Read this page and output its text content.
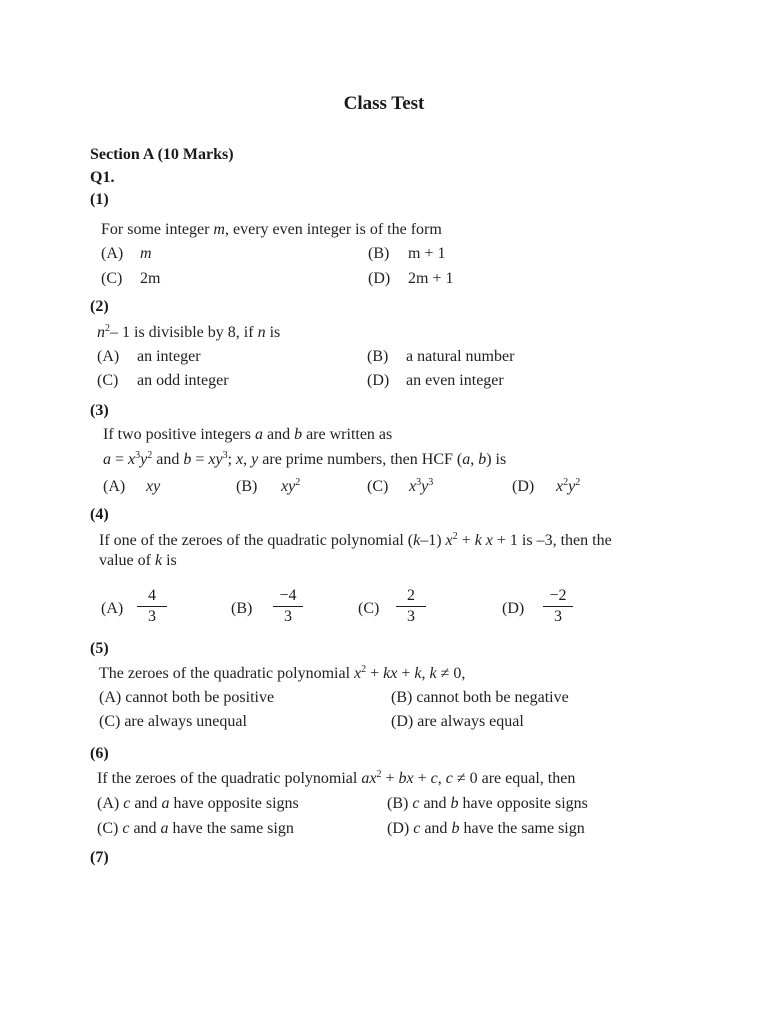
Class Test
Section A (10 Marks)
Q1.
(1)
For some integer m, every even integer is of the form
(A) m	(B) m + 1
(C) 2m	(D) 2m + 1
(2)
$n^2-$ 1 is divisible by 8, if n is
(A) an integer	(B) a natural number
(C) an odd integer	(D) an even integer
(3)
If two positive integers a and b are written as
$a = x^3y^2$ and $b = xy^3$; x, y are prime numbers, then HCF (a, b) is
(A) xy	(B) $xy^2$	(C) $x^3y^3$	(D) $x^2y^2$
(4)
If one of the zeroes of the quadratic polynomial (k–1) $x^2 + k$ x + 1 is –3, then the
value of k is
$(A) \frac{4}{3}$	$(B) \frac{-4}{3}$	$(C) \frac{2}{3}$	$(D) \frac{-2}{3}$
(5)
The zeroes of the quadratic polynomial $x^2$ + kx + k, k ≠ 0,
(A) cannot both be positive	(B) cannot both be negative
(C) are always unequal	(D) are always equal
(6)
If the zeroes of the quadratic polynomial $ax^2$ + bx + c, c ≠ 0 are equal, then
(A) c and a have opposite signs	(B) c and b have opposite signs
(C) c and a have the same sign	(D) c and b have the same sign
(7)
